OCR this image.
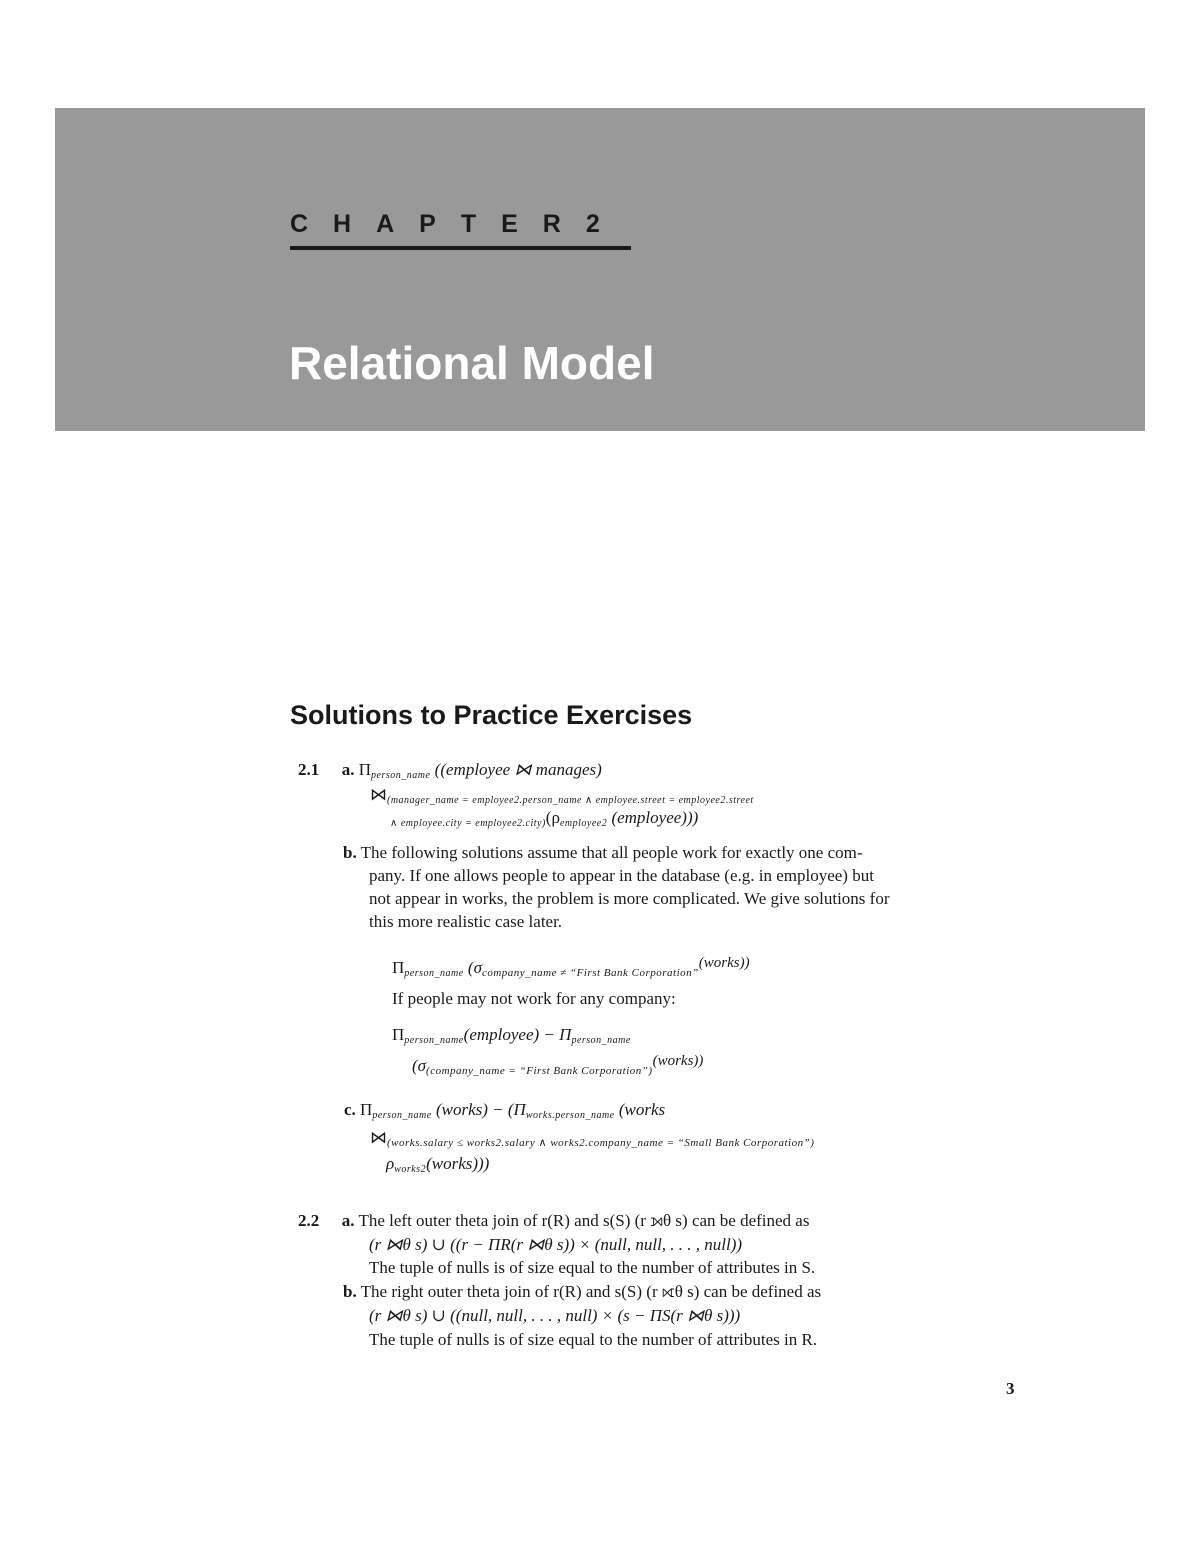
CHAPTER2
Relational Model
Solutions to Practice Exercises
2.1 a. $\Pi_{person\_name}$ ((employee ⋈ manages)
$⋈_{(manager\_name = employee2.person\_name \wedge employee.street = employee2.street}$
$_{\wedge employee.city = employee2.city)}(\rho_{employee2}$ (employee)))
b. The following solutions assume that all people work for exactly one com-
pany. If one allows people to appear in the database (e.g. in employee) but
not appear in works, the problem is more complicated. We give solutions for
this more realistic case later.
$\Pi_{person\_name}$ $(\sigma_{company\_name \ne “First Bank Corporation”}(works))$
If people may not work for any company:
$\Pi_{person\_name}(employee) - \Pi_{person\_name}$
$(\sigma_{(company\_name = “First Bank Corporation”)}(works))$
c. $\Pi_{person\_name}$ (works) − ($\Pi_{works.person\_name}$ (works
$⋈_{(works.salary \le works2.salary \wedge works2.company\_name = “Small Bank Corporation”)}$
$\rho_{works2}(works)$))
2.2 a. The left outer theta join of r(R) and s(S) (r ⟕θ s) can be defined as
(r ⋈θ s) ∪ ((r − ΠR(r ⋈θ s)) × (null, null, . . . , null))
The tuple of nulls is of size equal to the number of attributes in S.
b. The right outer theta join of r(R) and s(S) (r ⟖θ s) can be defined as
(r ⋈θ s) ∪ ((null, null, . . . , null) × (s − ΠS(r ⋈θ s)))
The tuple of nulls is of size equal to the number of attributes in R.
3
